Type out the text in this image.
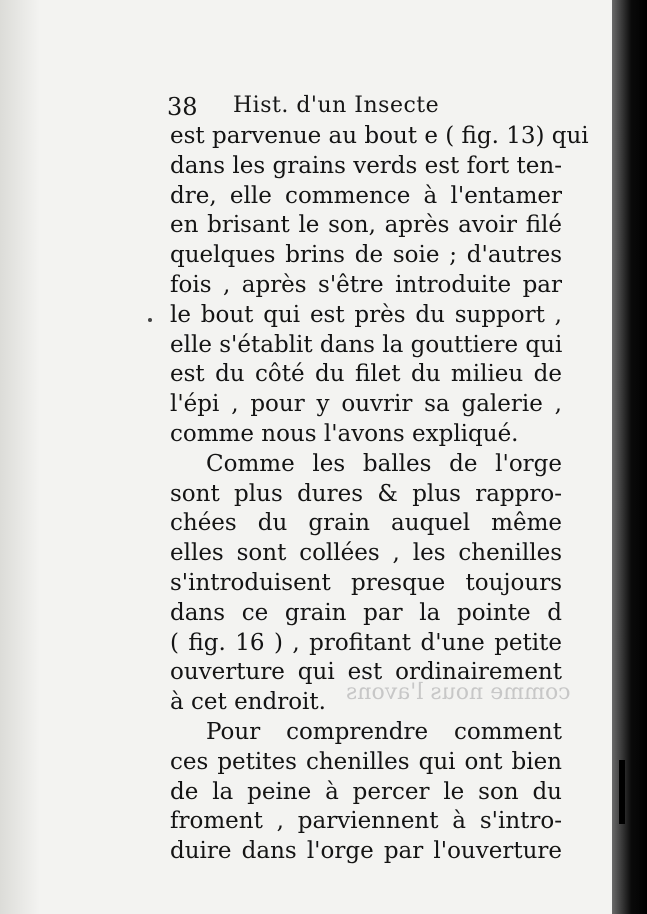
38 Hist. d'un Insecte
comme nous l'avons
est parvenue au bout e ( fig. 13) qui
dans les grains verds est fort ten-
dre, elle commence à l'entamer
en brisant le son, après avoir filé
quelques brins de soie ; d'autres
fois , après s'être introduite par
le bout qui est près du support ,
elle s'établit dans la gouttiere qui
est du côté du filet du milieu de
l'épi , pour y ouvrir sa galerie ,
comme nous l'avons expliqué.
Comme les balles de l'orge
sont plus dures & plus rappro-
chées du grain auquel même
elles sont collées , les chenilles
s'introduisent presque toujours
dans ce grain par la pointe d
( fig. 16 ) , profitant d'une petite
ouverture qui est ordinairement
à cet endroit.
Pour comprendre comment
ces petites chenilles qui ont bien
de la peine à percer le son du
froment , parviennent à s'intro-
duire dans l'orge par l'ouverture
